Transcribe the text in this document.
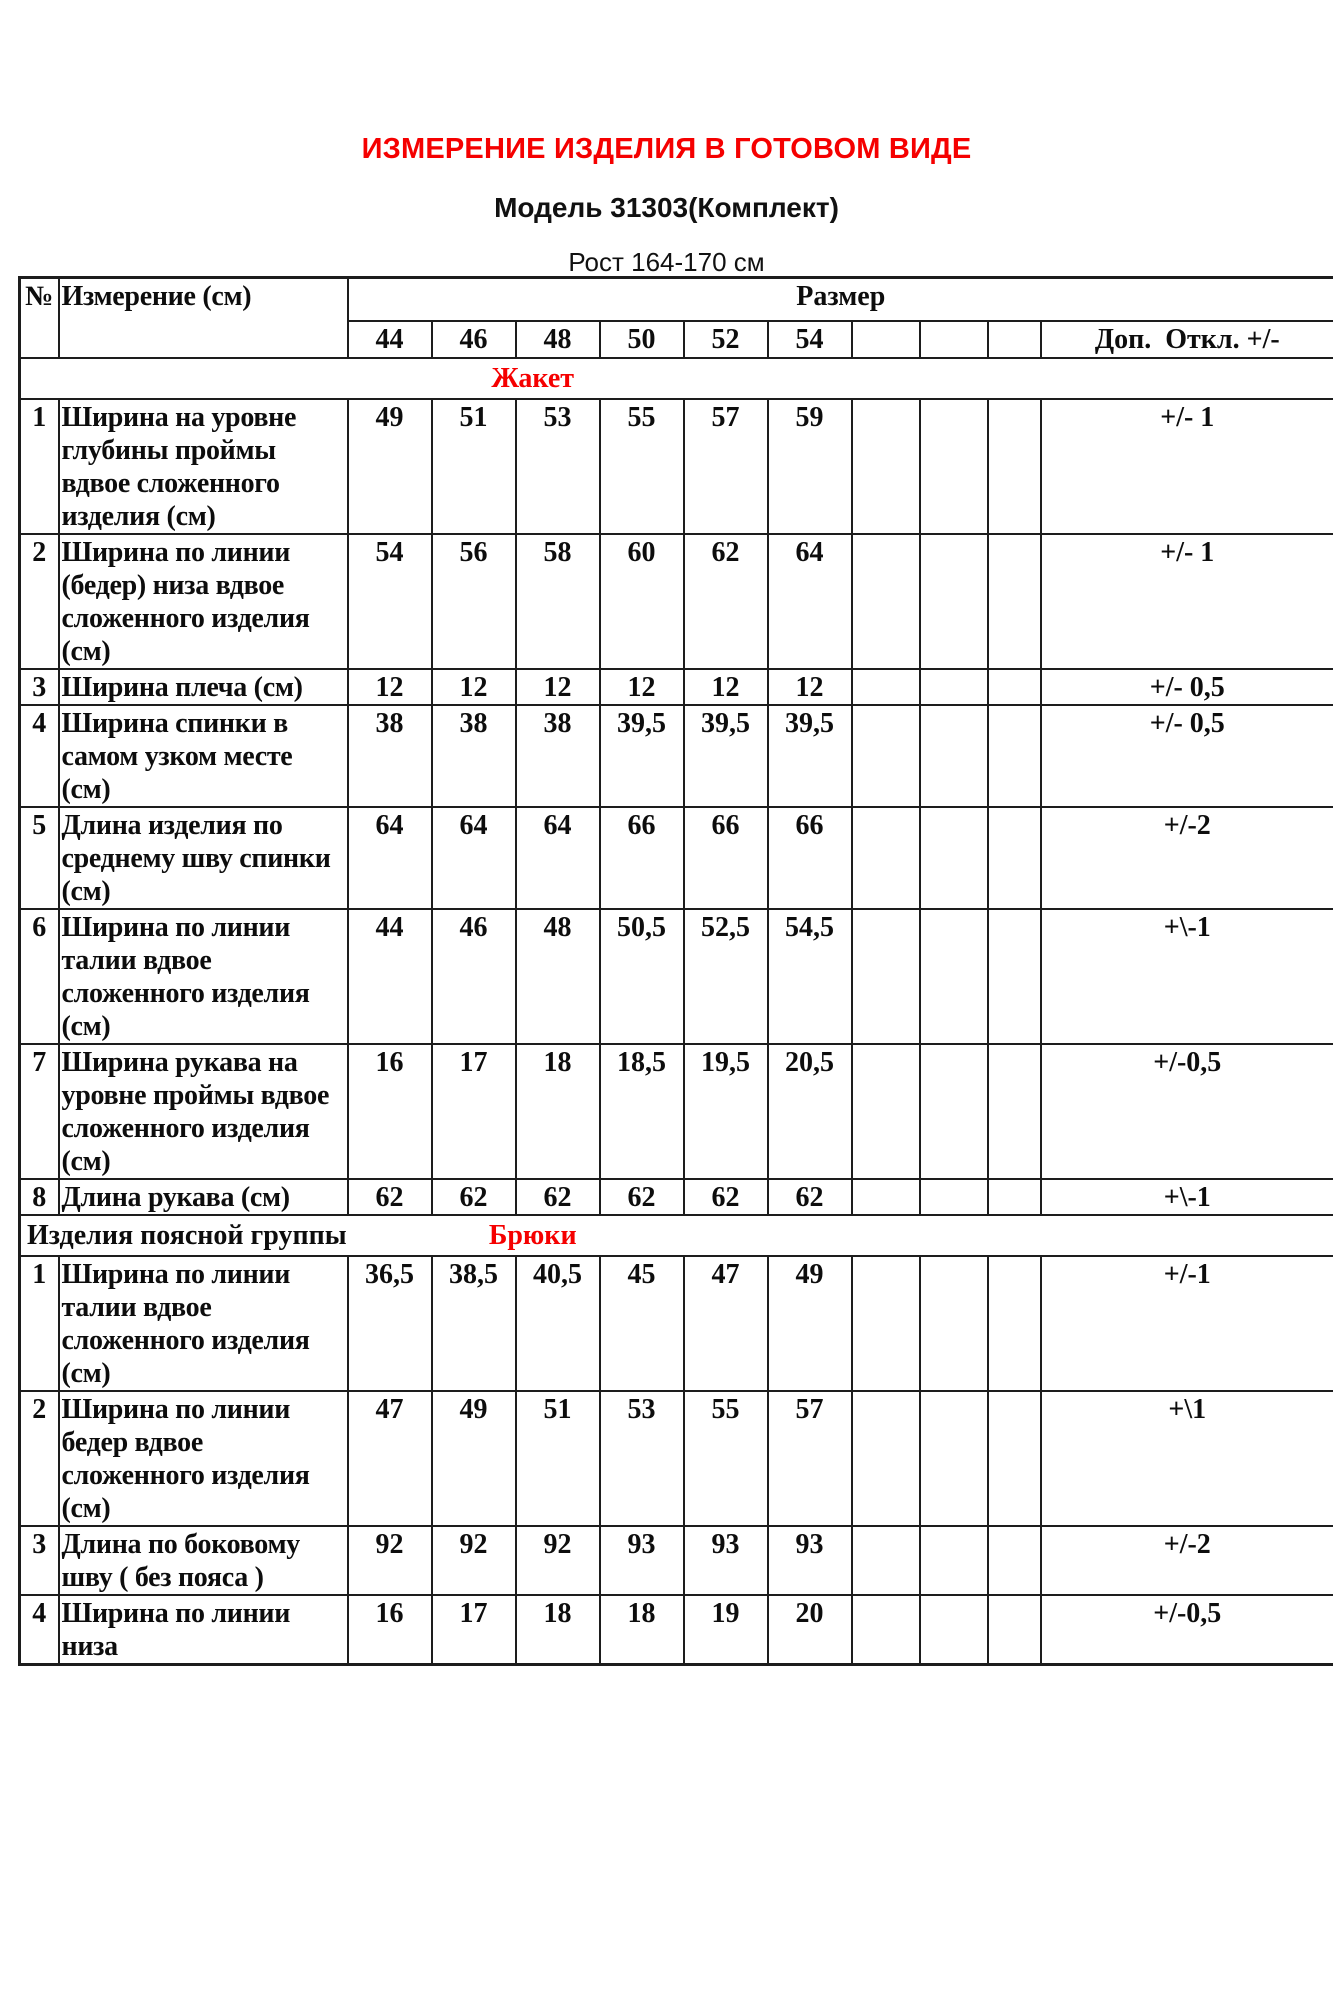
ИЗМЕРЕНИЕ ИЗДЕЛИЯ В ГОТОВОМ ВИДЕ
Модель 31303(Комплект)
Рост 164-170 см
№	Измерение (см)	Размер									
		44	46	48	50	52	54				Доп.  Откл. +/-

Жакет											

1	Ширина на уровне глубины проймы вдвое сложенного изделия (см)	49	51	53	55	57	59				+/- 1
2	Ширина по линии (бедер) низа вдвое сложенного изделия (см)	54	56	58	60	62	64				+/- 1
3	Ширина плеча (см)	12	12	12	12	12	12				+/- 0,5
4	Ширина спинки в самом узком месте (см)	38	38	38	39,5	39,5	39,5				+/- 0,5
5	Длина изделия по среднему шву спинки (см)	64	64	64	66	66	66				+/-2
6	Ширина по линии талии вдвое сложенного изделия (см)	44	46	48	50,5	52,5	54,5				+\-1
7	Ширина рукава на уровне проймы вдвое сложенного изделия (см)	16	17	18	18,5	19,5	20,5				+/-0,5
8	Длина рукава (см)	62	62	62	62	62	62				+\-1

Изделия поясной группы Брюки											

1	Ширина по линии талии вдвое сложенного изделия (см)	36,5	38,5	40,5	45	47	49				+/-1
2	Ширина по линии бедер вдвое сложенного изделия (см)	47	49	51	53	55	57				+\1
3	Длина по боковому шву ( без пояса )	92	92	92	93	93	93				+/-2
4	Ширина по линии низа	16	17	18	18	19	20				+/-0,5
